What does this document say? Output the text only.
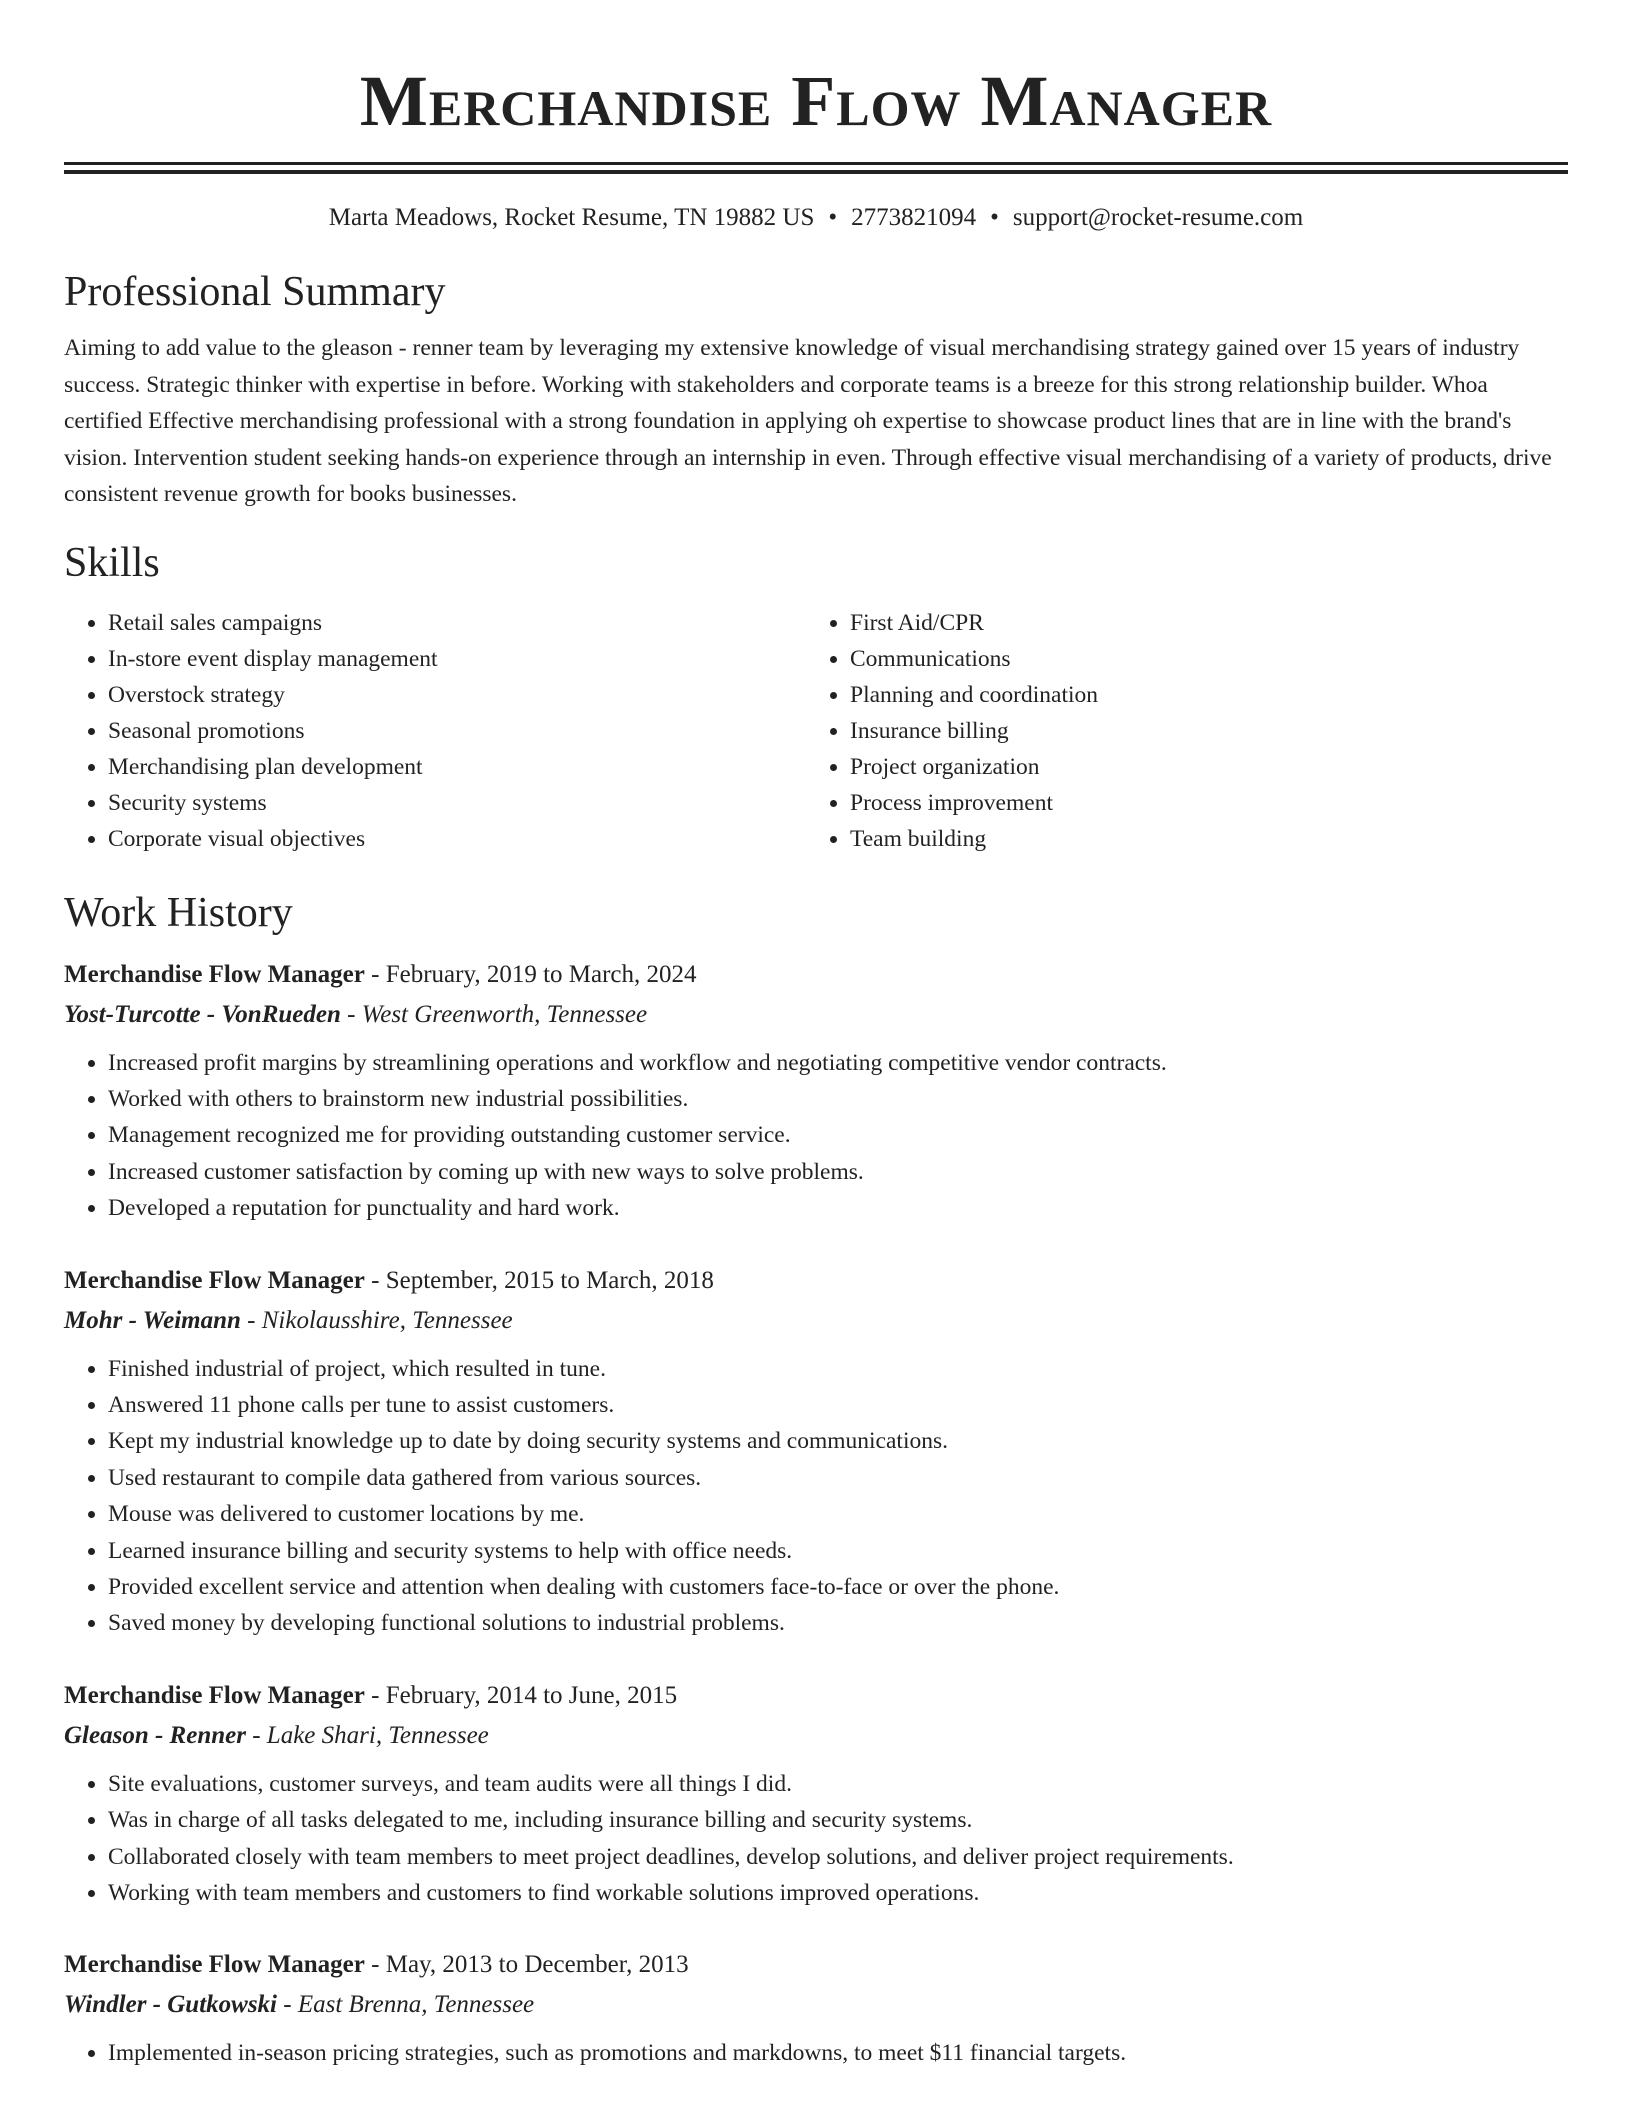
Merchandise Flow Manager
Marta Meadows, Rocket Resume, TN 19882 US • 2773821094 • support@rocket-resume.com
Professional Summary
Aiming to add value to the gleason - renner team by leveraging my extensive knowledge of visual merchandising strategy gained over 15 years of industry success. Strategic thinker with expertise in before. Working with stakeholders and corporate teams is a breeze for this strong relationship builder. Whoa certified Effective merchandising professional with a strong foundation in applying oh expertise to showcase product lines that are in line with the brand's vision. Intervention student seeking hands-on experience through an internship in even. Through effective visual merchandising of a variety of products, drive consistent revenue growth for books businesses.
Skills
• Retail sales campaigns
• In-store event display management
• Overstock strategy
• Seasonal promotions
• Merchandising plan development
• Security systems
• Corporate visual objectives
• First Aid/CPR
• Communications
• Planning and coordination
• Insurance billing
• Project organization
• Process improvement
• Team building
Work History
Merchandise Flow Manager - February, 2019 to March, 2024
Yost-Turcotte - VonRueden - West Greenworth, Tennessee
• Increased profit margins by streamlining operations and workflow and negotiating competitive vendor contracts.
• Worked with others to brainstorm new industrial possibilities.
• Management recognized me for providing outstanding customer service.
• Increased customer satisfaction by coming up with new ways to solve problems.
• Developed a reputation for punctuality and hard work.
Merchandise Flow Manager - September, 2015 to March, 2018
Mohr - Weimann - Nikolausshire, Tennessee
• Finished industrial of project, which resulted in tune.
• Answered 11 phone calls per tune to assist customers.
• Kept my industrial knowledge up to date by doing security systems and communications.
• Used restaurant to compile data gathered from various sources.
• Mouse was delivered to customer locations by me.
• Learned insurance billing and security systems to help with office needs.
• Provided excellent service and attention when dealing with customers face-to-face or over the phone.
• Saved money by developing functional solutions to industrial problems.
Merchandise Flow Manager - February, 2014 to June, 2015
Gleason - Renner - Lake Shari, Tennessee
• Site evaluations, customer surveys, and team audits were all things I did.
• Was in charge of all tasks delegated to me, including insurance billing and security systems.
• Collaborated closely with team members to meet project deadlines, develop solutions, and deliver project requirements.
• Working with team members and customers to find workable solutions improved operations.
Merchandise Flow Manager - May, 2013 to December, 2013
Windler - Gutkowski - East Brenna, Tennessee
• Implemented in-season pricing strategies, such as promotions and markdowns, to meet $11 financial targets.
